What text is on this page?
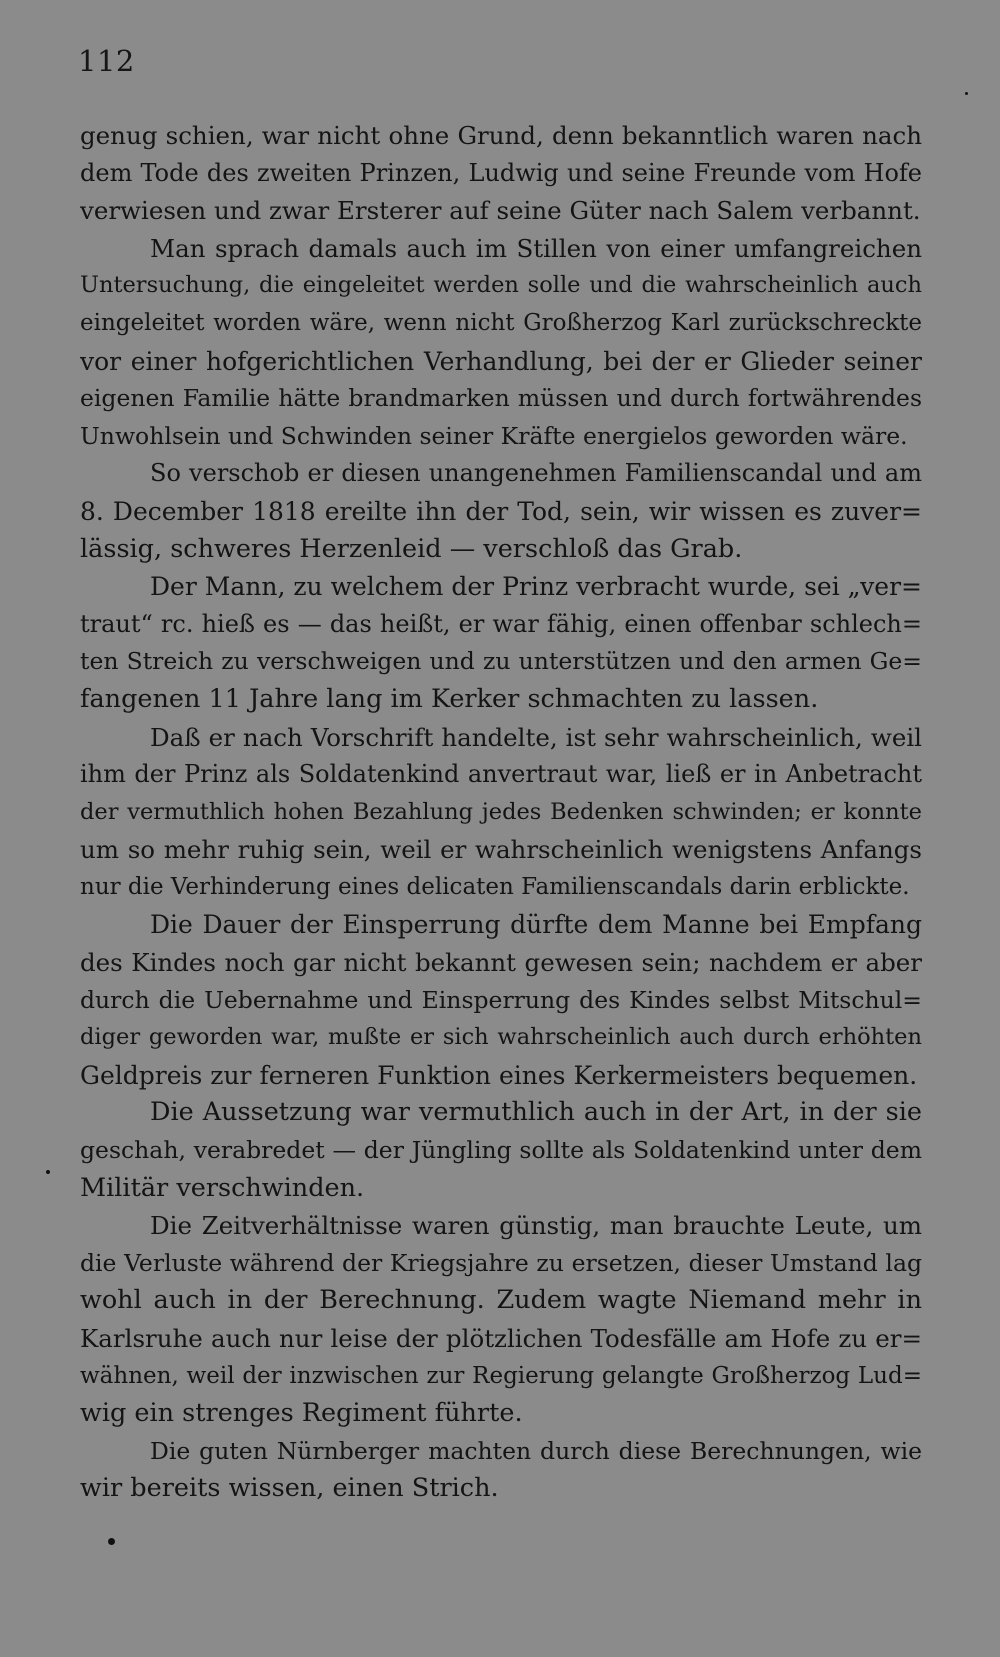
112
genug schien, war nicht ohne Grund, denn bekanntlich waren nach
dem Tode des zweiten Prinzen, Ludwig und seine Freunde vom Hofe
verwiesen und zwar Ersterer auf seine Güter nach Salem verbannt.
Man sprach damals auch im Stillen von einer umfangreichen
Untersuchung, die eingeleitet werden solle und die wahrscheinlich auch
eingeleitet worden wäre, wenn nicht Großherzog Karl zurückschreckte
vor einer hofgerichtlichen Verhandlung, bei der er Glieder seiner
eigenen Familie hätte brandmarken müssen und durch fortwährendes
Unwohlsein und Schwinden seiner Kräfte energielos geworden wäre.
So verschob er diesen unangenehmen Familienscandal und am
8. December 1818 ereilte ihn der Tod, sein, wir wissen es zuver=
lässig, schweres Herzenleid — verschloß das Grab.
Der Mann, zu welchem der Prinz verbracht wurde, sei „ver=
traut“ rc. hieß es — das heißt, er war fähig, einen offenbar schlech=
ten Streich zu verschweigen und zu unterstützen und den armen Ge=
fangenen 11 Jahre lang im Kerker schmachten zu lassen.
Daß er nach Vorschrift handelte, ist sehr wahrscheinlich, weil
ihm der Prinz als Soldatenkind anvertraut war, ließ er in Anbetracht
der vermuthlich hohen Bezahlung jedes Bedenken schwinden; er konnte
um so mehr ruhig sein, weil er wahrscheinlich wenigstens Anfangs
nur die Verhinderung eines delicaten Familienscandals darin erblickte.
Die Dauer der Einsperrung dürfte dem Manne bei Empfang
des Kindes noch gar nicht bekannt gewesen sein; nachdem er aber
durch die Uebernahme und Einsperrung des Kindes selbst Mitschul=
diger geworden war, mußte er sich wahrscheinlich auch durch erhöhten
Geldpreis zur ferneren Funktion eines Kerkermeisters bequemen.
Die Aussetzung war vermuthlich auch in der Art, in der sie
geschah, verabredet — der Jüngling sollte als Soldatenkind unter dem
Militär verschwinden.
Die Zeitverhältnisse waren günstig, man brauchte Leute, um
die Verluste während der Kriegsjahre zu ersetzen, dieser Umstand lag
wohl auch in der Berechnung. Zudem wagte Niemand mehr in
Karlsruhe auch nur leise der plötzlichen Todesfälle am Hofe zu er=
wähnen, weil der inzwischen zur Regierung gelangte Großherzog Lud=
wig ein strenges Regiment führte.
Die guten Nürnberger machten durch diese Berechnungen, wie
wir bereits wissen, einen Strich.
